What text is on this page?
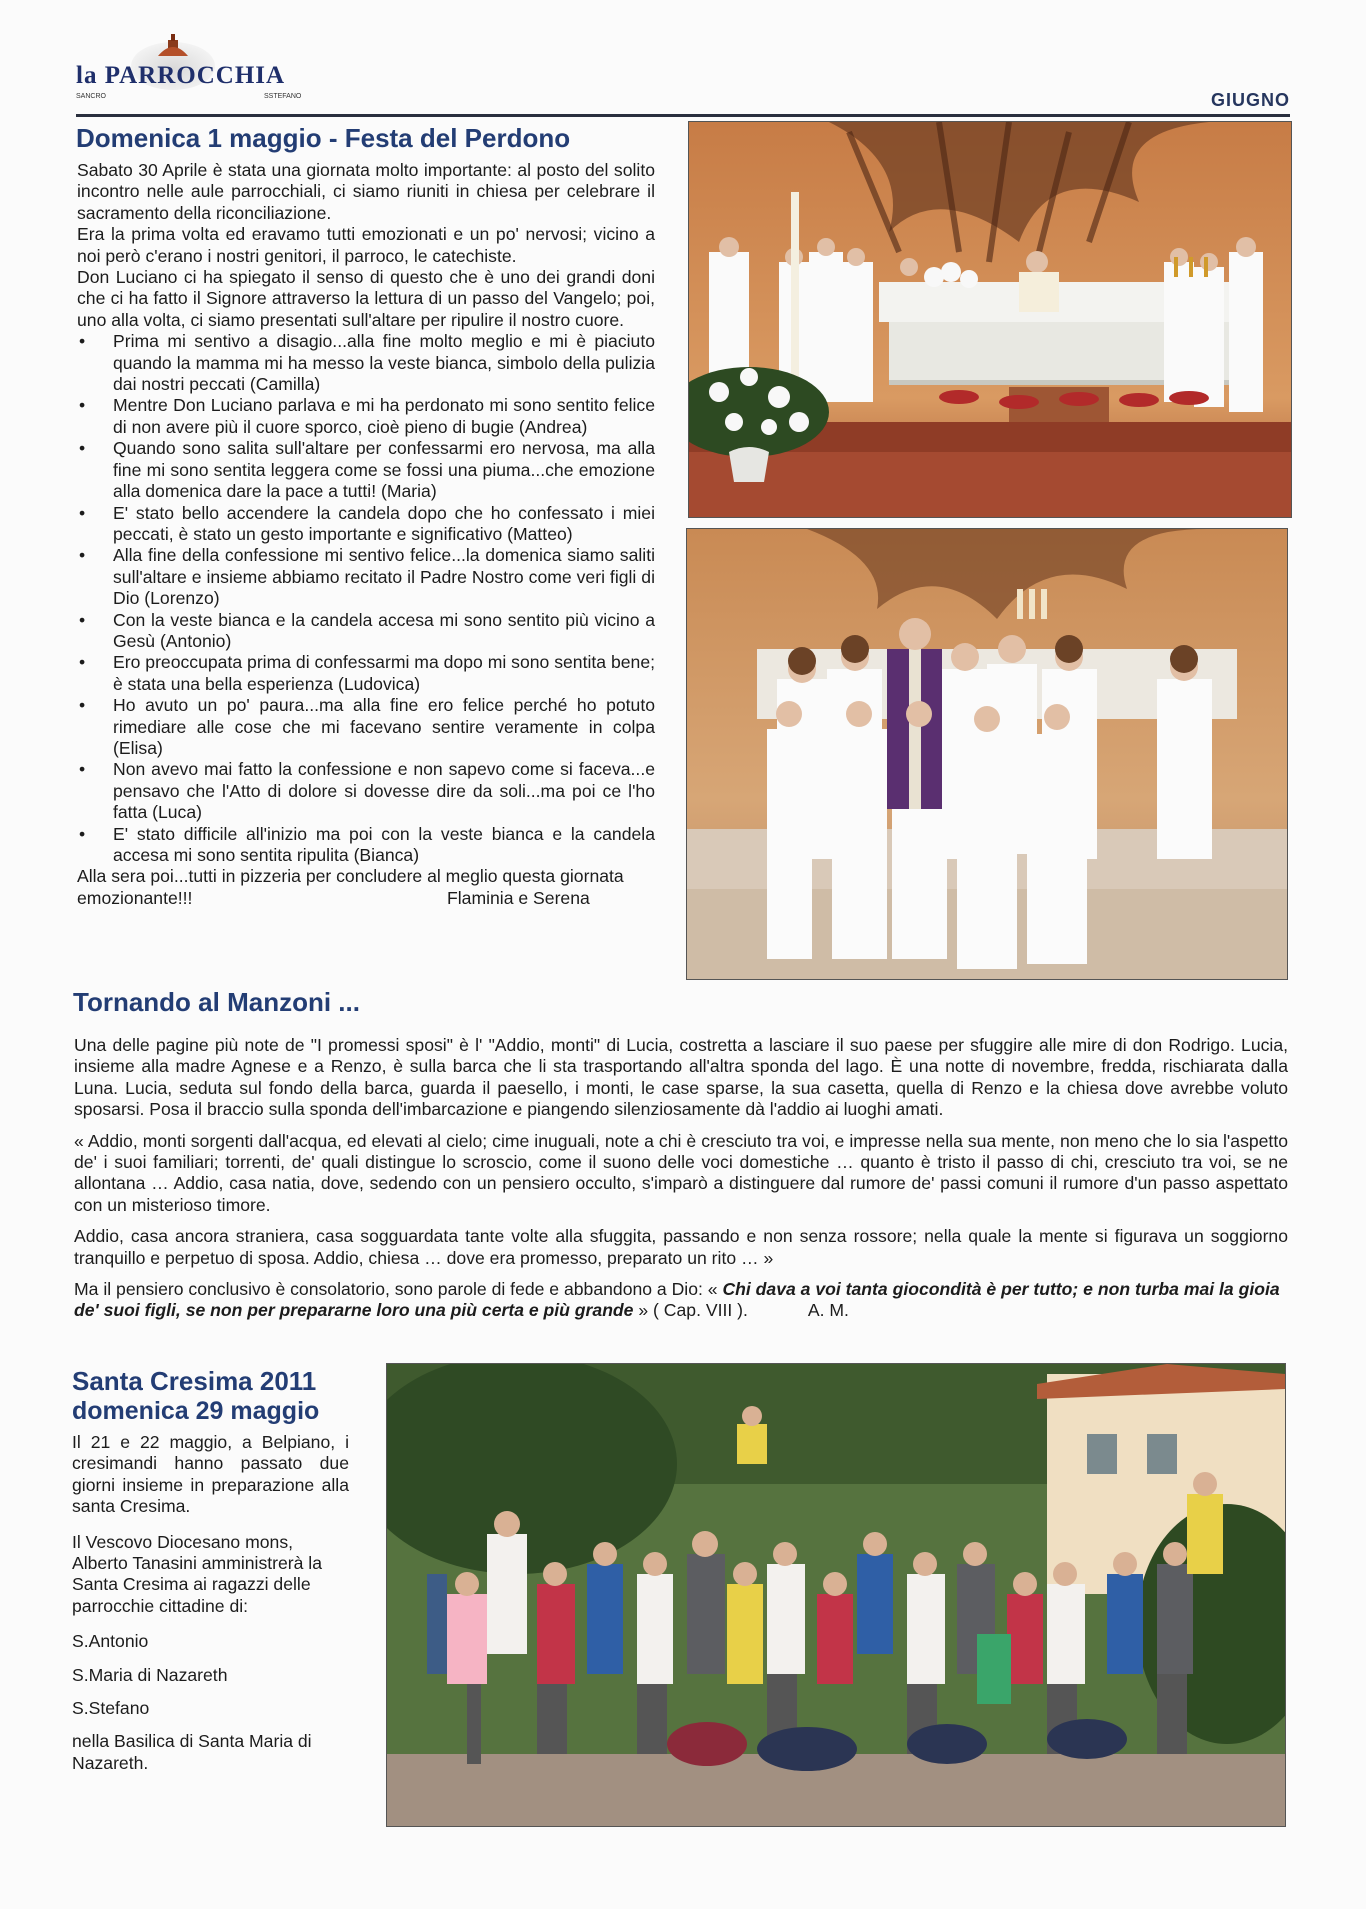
la PARROCCHIA
SANCRO	SSTEFANO	GIUGNO
Domenica 1 maggio - Festa del Perdono

Sabato 30 Aprile è stata una giornata molto importante: al posto del solito incontro nelle aule parrocchiali, ci siamo riuniti in chiesa per celebrare il sacramento della riconciliazione.

Era la prima volta ed eravamo tutti emozionati e un po' nervosi; vicino a noi però c'erano i nostri genitori, il parroco, le catechiste.

Don Luciano ci ha spiegato il senso di questo che è uno dei grandi doni che ci ha fatto il Signore attraverso la lettura di un passo del Vangelo; poi, uno alla volta, ci siamo presentati sull'altare per ripulire il nostro cuore.

• Prima mi sentivo a disagio...alla fine molto meglio e mi è piaciuto quando la mamma mi ha messo la veste bianca, simbolo della pulizia dai nostri peccati (Camilla)
• Mentre Don Luciano parlava e mi ha perdonato mi sono sentito felice di non avere più il cuore sporco, cioè pieno di bugie (Andrea)
• Quando sono salita sull'altare per confessarmi ero nervosa, ma alla fine mi sono sentita leggera come se fossi una piuma...che emozione alla domenica dare la pace a tutti! (Maria)
• E' stato bello accendere la candela dopo che ho confessato i miei peccati, è stato un gesto importante e significativo (Matteo)
• Alla fine della confessione mi sentivo felice...la domenica siamo saliti sull'altare e insieme abbiamo recitato il Padre Nostro come veri figli di Dio (Lorenzo)
• Con la veste bianca e la candela accesa mi sono sentito più vicino a Gesù (Antonio)
• Ero preoccupata prima di confessarmi ma dopo mi sono sentita bene; è stata una bella esperienza (Ludovica)
• Ho avuto un po' paura...ma alla fine ero felice perché ho potuto rimediare alle cose che mi facevano sentire veramente in colpa (Elisa)
• Non avevo mai fatto la confessione e non sapevo come si faceva...e pensavo che l'Atto di dolore si dovesse dire da soli...ma poi ce l'ho fatta (Luca)
• E' stato difficile all'inizio ma poi con la veste bianca e la candela accesa mi sono sentita ripulita (Bianca)

Alla sera poi...tutti in pizzeria per concludere al meglio questa giornata emozionante!!!	Flaminia e Serena

Tornando al Manzoni ...

Una delle pagine più note de "I promessi sposi" è l' "Addio, monti" di Lucia, costretta a lasciare il suo paese per sfuggire alle mire di don Rodrigo. Lucia, insieme alla madre Agnese e a Renzo, è sulla barca che li sta trasportando all'altra sponda del lago. È una notte di novembre, fredda, rischiarata dalla Luna. Lucia, seduta sul fondo della barca, guarda il paesello, i monti, le case sparse, la sua casetta, quella di Renzo e la chiesa dove avrebbe voluto sposarsi. Posa il braccio sulla sponda dell'imbarcazione e piangendo silenziosamente dà l'addio ai luoghi amati.

« Addio, monti sorgenti dall'acqua, ed elevati al cielo; cime inuguali, note a chi è cresciuto tra voi, e impresse nella sua mente, non meno che lo sia l'aspetto de' i suoi familiari; torrenti, de' quali distingue lo scroscio, come il suono delle voci domestiche … quanto è tristo il passo di chi, cresciuto tra voi, se ne allontana … Addio, casa natia, dove, sedendo con un pensiero occulto, s'imparò a distinguere dal rumore de' passi comuni il rumore d'un passo aspettato con un misterioso timore.

Addio, casa ancora straniera, casa sogguardata tante volte alla sfuggita, passando e non senza rossore; nella quale la mente si figurava un soggiorno tranquillo e perpetuo di sposa. Addio, chiesa … dove era promesso, preparato un rito … »

Ma il pensiero conclusivo è consolatorio, sono parole di fede e abbandono a Dio: « Chi dava a voi tanta giocondità è per tutto; e non turba mai la gioia de' suoi figli, se non per prepararne loro una più certa e più grande » ( Cap. VIII ).	A. M.

Santa Cresima 2011
domenica 29 maggio

Il 21 e 22 maggio, a Belpiano, i cresimandi hanno passato due giorni insieme in preparazione alla santa Cresima.

Il Vescovo Diocesano mons, Alberto Tanasini amministrerà la Santa Cresima ai ragazzi delle parrocchie cittadine di:

S.Antonio

S.Maria di Nazareth

S.Stefano

nella Basilica di Santa Maria di Nazareth.
